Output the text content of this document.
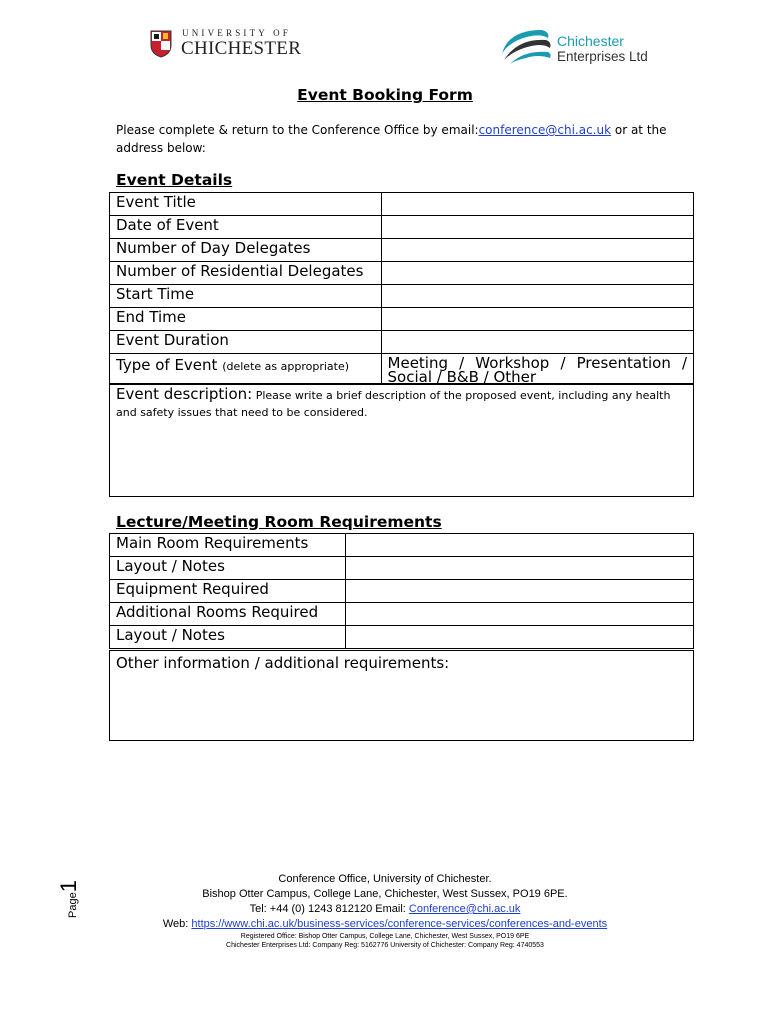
UNIVERSITY OF
CHICHESTER	Chichester
Enterprises Ltd
Event Booking Form
Please complete & return to the Conference Office by email:conference@chi.ac.uk or at the address below:
Event Details
Event Title	
Date of Event	
Number of Day Delegates	
Number of Residential Delegates	
Start Time	
End Time	
Event Duration	
Type of Event (delete as appropriate)	Meeting / Workshop / Presentation / Social / B&B / Other
Event description: Please write a brief description of the proposed event, including any health and safety issues that need to be considered.
Lecture/Meeting Room Requirements
Main Room Requirements	
Layout / Notes	
Equipment Required	
Additional Rooms Required	
Layout / Notes	
Other information / additional requirements:
Page1
Conference Office, University of Chichester.
Bishop Otter Campus, College Lane, Chichester, West Sussex, PO19 6PE.
Tel: +44 (0) 1243 812120 Email: Conference@chi.ac.uk
Web: https://www.chi.ac.uk/business-services/conference-services/conferences-and-events
Registered Office: Bishop Otter Campus, College Lane, Chichester, West Sussex, PO19 6PE
Chichester Enterprises Ltd: Company Reg: 5162776 University of Chichester: Company Reg: 4740553
